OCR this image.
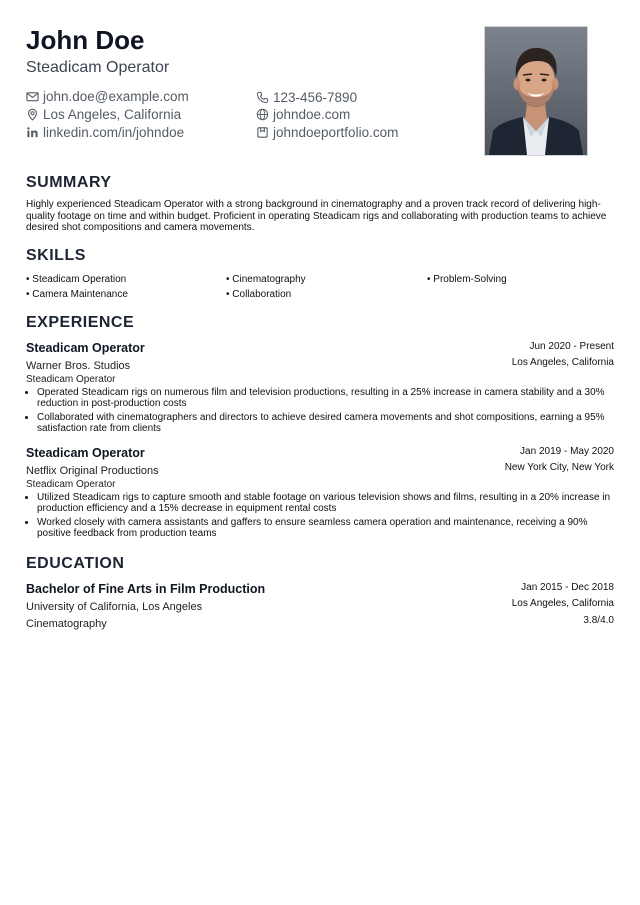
John Doe
Steadicam Operator
john.doe@example.com	123-456-7890
Los Angeles, California	johndoe.com
linkedin.com/in/johndoe	johndoeportfolio.com
SUMMARY
Highly experienced Steadicam Operator with a strong background in cinematography and a proven track record of delivering high-quality footage on time and within budget. Proficient in operating Steadicam rigs and collaborating with production teams to achieve desired shot compositions and camera movements.
SKILLS
• Steadicam Operation	• Cinematography	• Problem-Solving
• Camera Maintenance	• Collaboration
EXPERIENCE
Steadicam Operator	Jun 2020 - Present
Warner Bros. Studios	Los Angeles, California
Steadicam Operator
• Operated Steadicam rigs on numerous film and television productions, resulting in a 25% increase in camera stability and a 30% reduction in post-production costs
• Collaborated with cinematographers and directors to achieve desired camera movements and shot compositions, earning a 95% satisfaction rate from clients
Steadicam Operator	Jan 2019 - May 2020
Netflix Original Productions	New York City, New York
Steadicam Operator
• Utilized Steadicam rigs to capture smooth and stable footage on various television shows and films, resulting in a 20% increase in production efficiency and a 15% decrease in equipment rental costs
• Worked closely with camera assistants and gaffers to ensure seamless camera operation and maintenance, receiving a 90% positive feedback from production teams
EDUCATION
Bachelor of Fine Arts in Film Production	Jan 2015 - Dec 2018
University of California, Los Angeles	Los Angeles, California
Cinematography	3.8/4.0
